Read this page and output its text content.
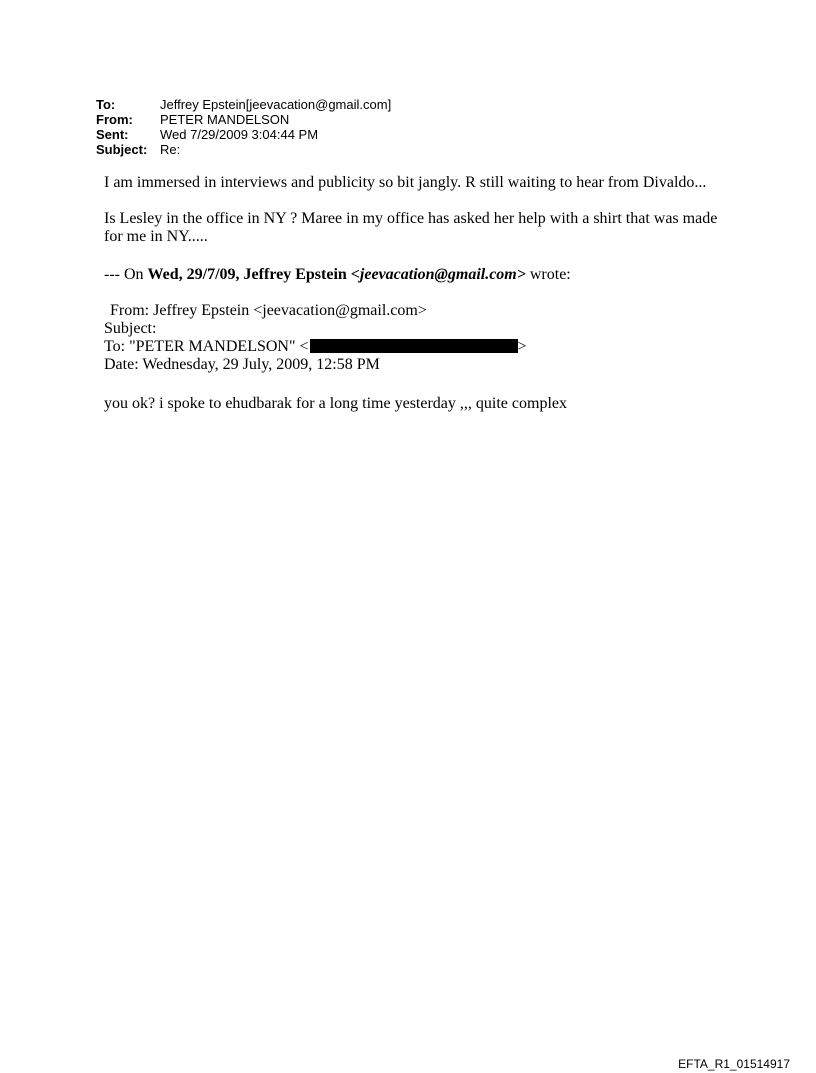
To:	Jeffrey Epstein[jeevacation@gmail.com]
From:	PETER MANDELSON
Sent:	Wed 7/29/2009 3:04:44 PM
Subject: Re:
I am immersed in interviews and publicity so bit jangly. R still waiting to hear from Divaldo...
Is Lesley in the office in NY ? Maree in my office has asked her help with a shirt that was made
for me in NY.....
--- On Wed, 29/7/09, Jeffrey Epstein <jeevacation@gmail.com> wrote:
From: Jeffrey Epstein <jeevacation@gmail.com>
Subject:
To: "PETER MANDELSON" <	>
Date: Wednesday, 29 July, 2009, 12:58 PM
you ok? i spoke to ehudbarak for a long time yesterday ,,, quite complex
EFTA_R1_01514917
